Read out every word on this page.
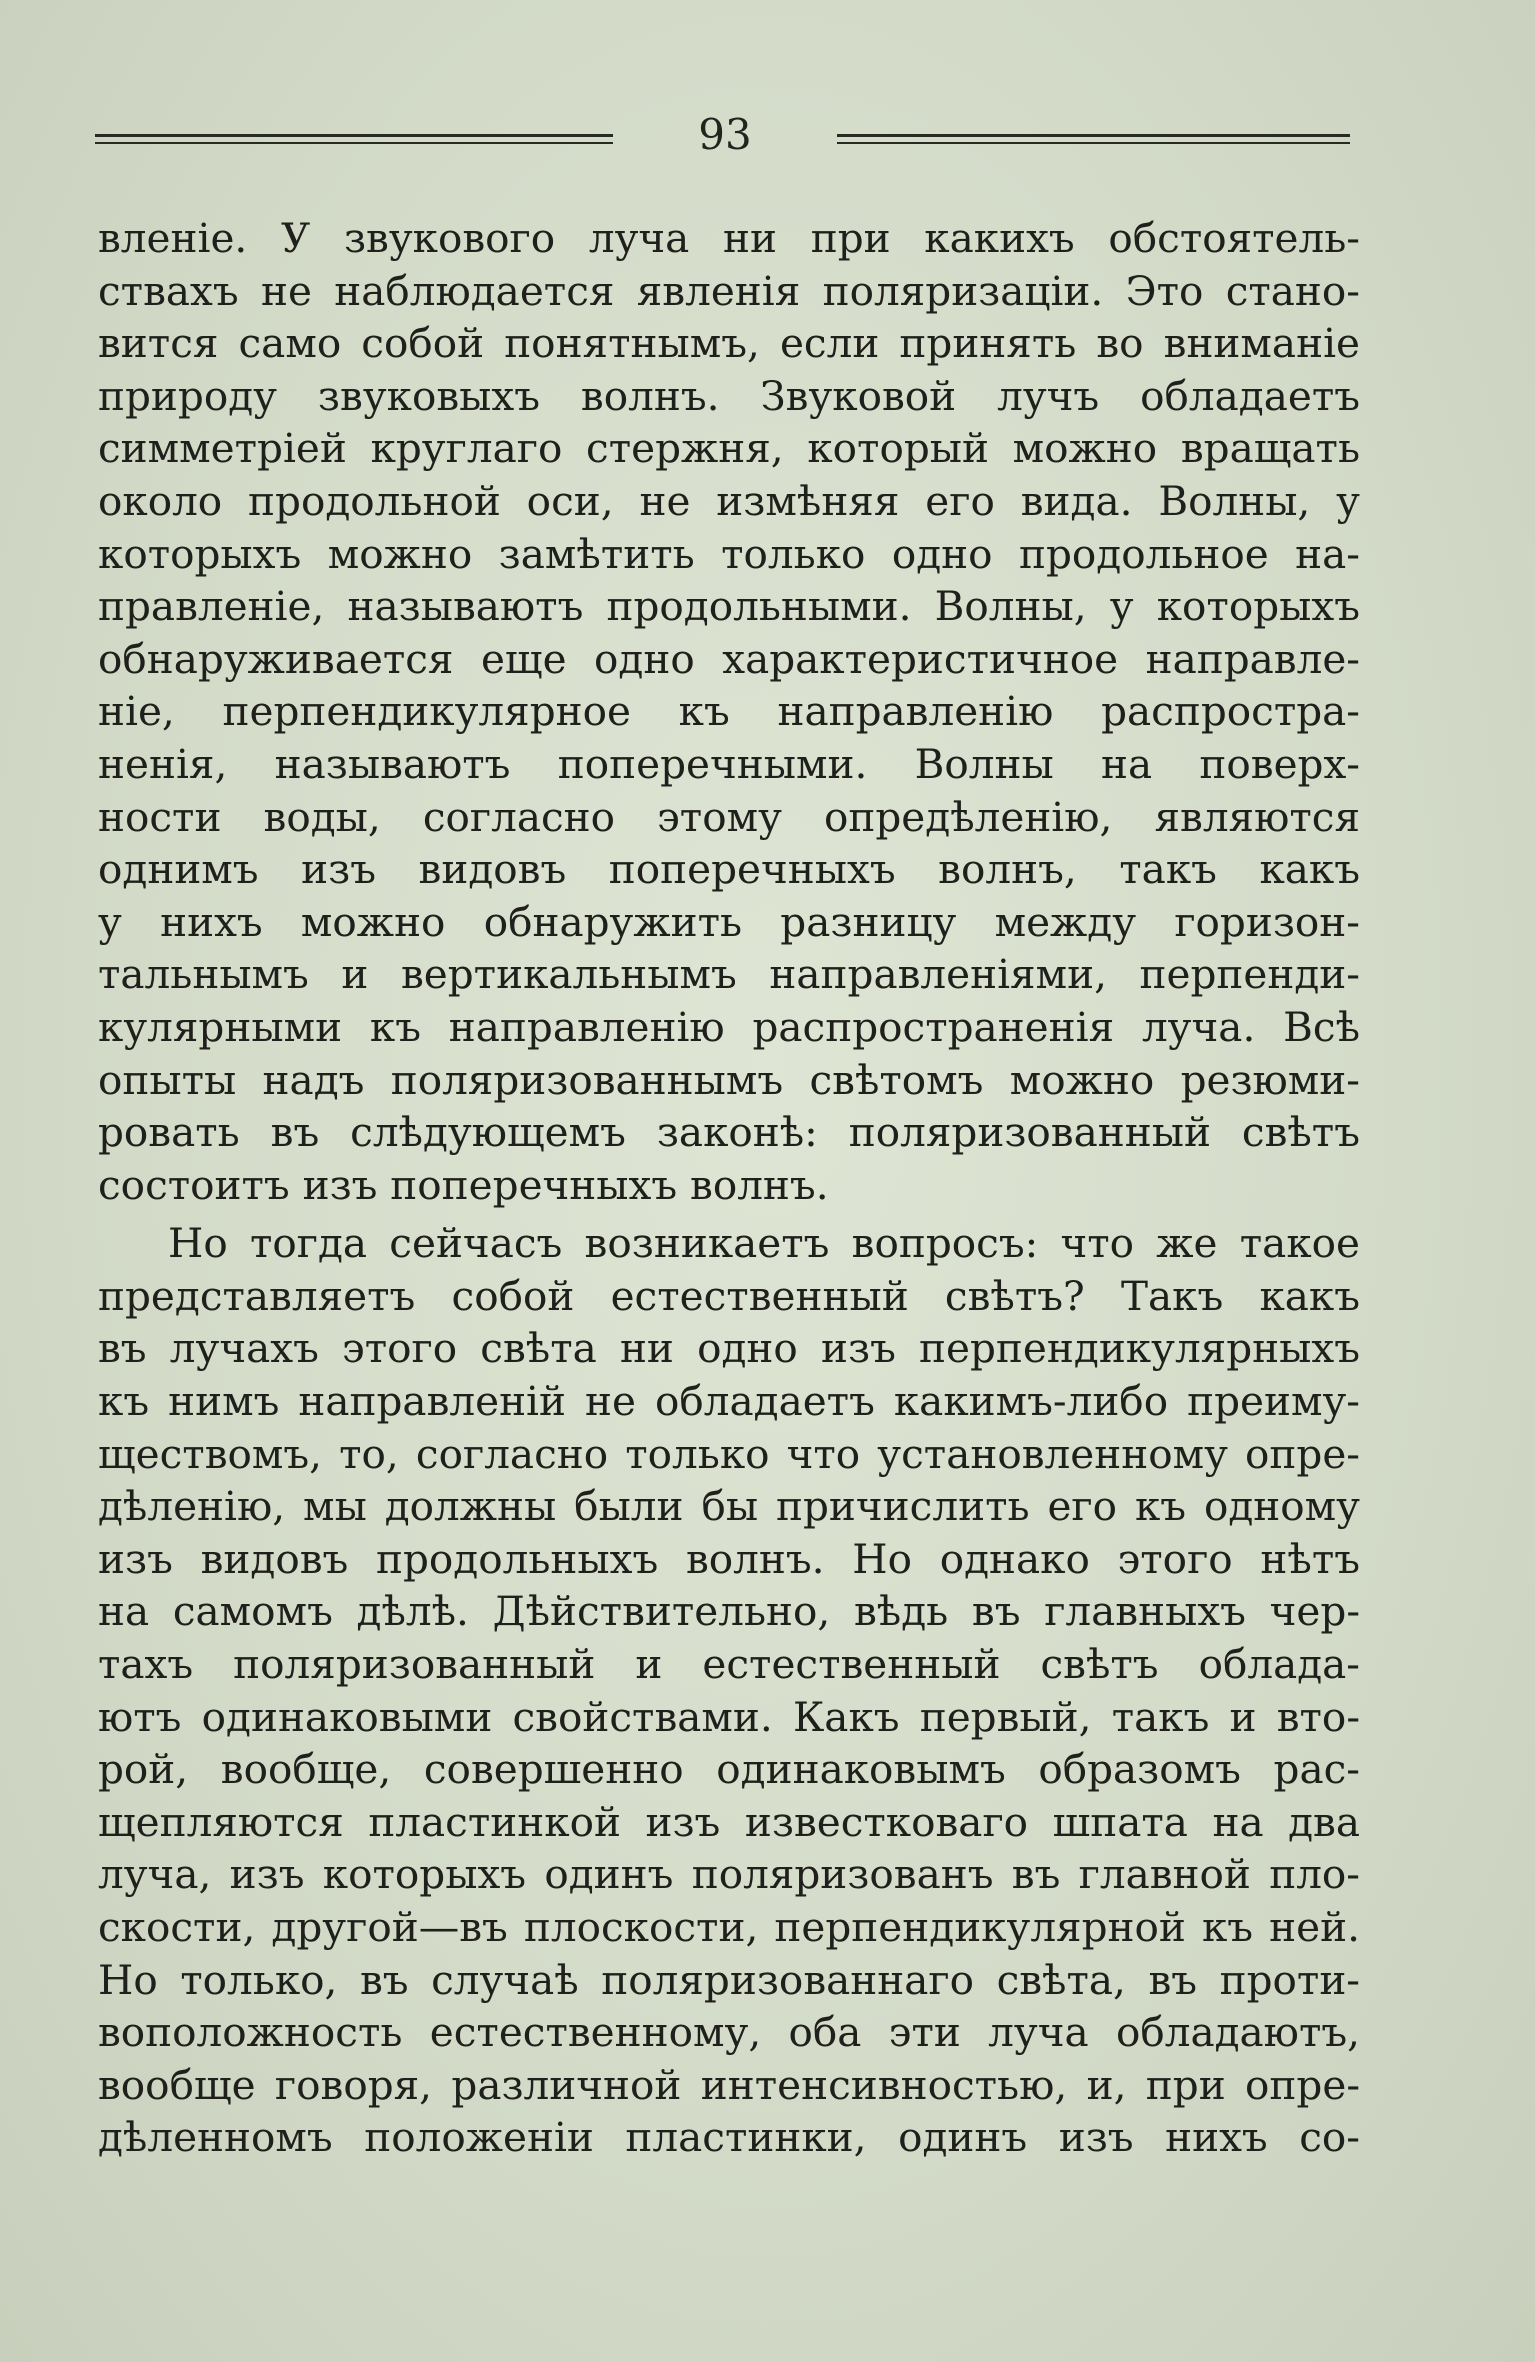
93
вленіе. У звукового луча ни при какихъ обстоятель-
ствахъ не наблюдается явленія поляризаціи. Это стано-
вится само собой понятнымъ, если принять во вниманіе
природу звуковыхъ волнъ. Звуковой лучъ обладаетъ
симметріей круглаго стержня, который можно вращать
около продольной оси, не измѣняя его вида. Волны, у
которыхъ можно замѣтить только одно продольное на-
правленіе, называютъ продольными. Волны, у которыхъ
обнаруживается еще одно характеристичное направле-
ніе, перпендикулярное къ направленію распростра-
ненія, называютъ поперечными. Волны на поверх-
ности воды, согласно этому опредѣленію, являются
однимъ изъ видовъ поперечныхъ волнъ, такъ какъ
у нихъ можно обнаружить разницу между горизон-
тальнымъ и вертикальнымъ направленіями, перпенди-
кулярными къ направленію распространенія луча. Всѣ
опыты надъ поляризованнымъ свѣтомъ можно резюми-
ровать въ слѣдующемъ законѣ: поляризованный свѣтъ
состоитъ изъ поперечныхъ волнъ.
Но тогда сейчасъ возникаетъ вопросъ: что же такое
представляетъ собой естественный свѣтъ? Такъ какъ
въ лучахъ этого свѣта ни одно изъ перпендикулярныхъ
къ нимъ направленій не обладаетъ какимъ-либо преиму-
ществомъ, то, согласно только что установленному опре-
дѣленію, мы должны были бы причислить его къ одному
изъ видовъ продольныхъ волнъ. Но однако этого нѣтъ
на самомъ дѣлѣ. Дѣйствительно, вѣдь въ главныхъ чер-
тахъ поляризованный и естественный свѣтъ облада-
ютъ одинаковыми свойствами. Какъ первый, такъ и вто-
рой, вообще, совершенно одинаковымъ образомъ рас-
щепляются пластинкой изъ известковаго шпата на два
луча, изъ которыхъ одинъ поляризованъ въ главной пло-
скости, другой—въ плоскости, перпендикулярной къ ней.
Но только, въ случаѣ поляризованнаго свѣта, въ проти-
воположность естественному, оба эти луча обладаютъ,
вообще говоря, различной интенсивностью, и, при опре-
дѣленномъ положеніи пластинки, одинъ изъ нихъ со-
